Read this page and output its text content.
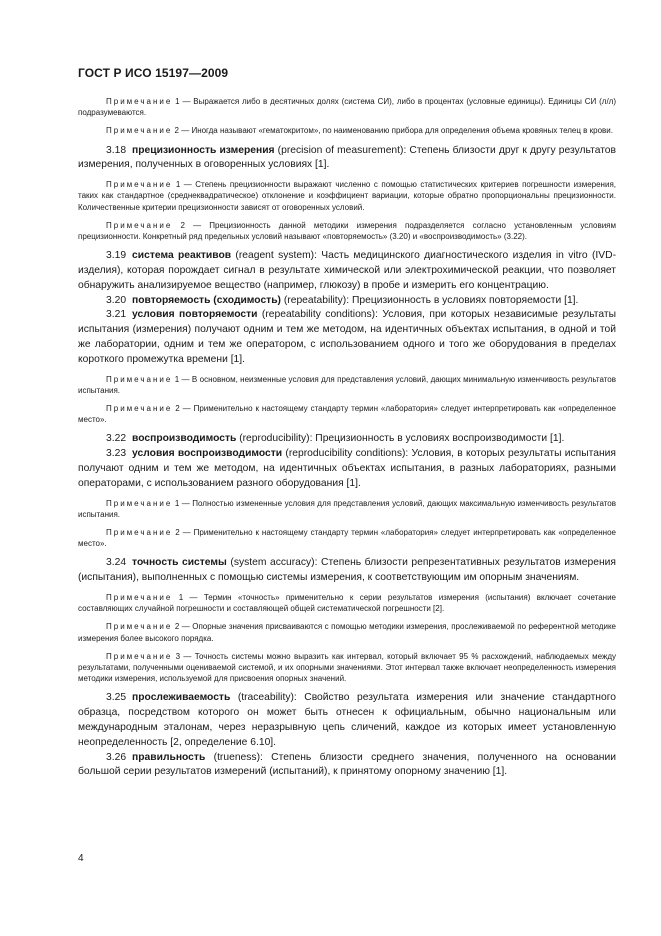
ГОСТ Р ИСО 15197—2009

Примечание 1 — Выражается либо в десятичных долях (система СИ), либо в процентах (условные единицы). Единицы СИ (л/л) подразумеваются.

Примечание 2 — Иногда называют «гематокритом», по наименованию прибора для определения объема кровяных телец в крови.

3.18 прецизионность измерения (precision of measurement): Степень близости друг к другу результатов измерения, полученных в оговоренных условиях [1].

Примечание 1 — Степень прецизионности выражают численно с помощью статистических критериев погрешности измерения, таких как стандартное (среднеквадратическое) отклонение и коэффициент вариации, которые обратно пропорциональны прецизионности. Количественные критерии прецизионности зависят от оговоренных условий.

Примечание 2 — Прецизионность данной методики измерения подразделяется согласно установленным условиям прецизионности. Конкретный ряд предельных условий называют «повторяемость» (3.20) и «воспроизводимость» (3.22).

3.19 система реактивов (reagent system): Часть медицинского диагностического изделия in vitro (IVD-изделия), которая порождает сигнал в результате химической или электрохимической реакции, что позволяет обнаружить анализируемое вещество (например, глюкозу) в пробе и измерить его концентрацию.

3.20 повторяемость (сходимость) (repeatability): Прецизионность в условиях повторяемости [1].

3.21 условия повторяемости (repeatability conditions): Условия, при которых независимые результаты испытания (измерения) получают одним и тем же методом, на идентичных объектах испытания, в одной и той же лаборатории, одним и тем же оператором, с использованием одного и того же оборудования в пределах короткого промежутка времени [1].

Примечание 1 — В основном, неизменные условия для представления условий, дающих минимальную изменчивость результатов испытания.

Примечание 2 — Применительно к настоящему стандарту термин «лаборатория» следует интерпретировать как «определенное место».

3.22 воспроизводимость (reproducibility): Прецизионность в условиях воспроизводимости [1].

3.23 условия воспроизводимости (reproducibility conditions): Условия, в которых результаты испытания получают одним и тем же методом, на идентичных объектах испытания, в разных лабораториях, разными операторами, с использованием разного оборудования [1].

Примечание 1 — Полностью измененные условия для представления условий, дающих максимальную изменчивость результатов испытания.

Примечание 2 — Применительно к настоящему стандарту термин «лаборатория» следует интерпретировать как «определенное место».

3.24 точность системы (system accuracy): Степень близости репрезентативных результатов измерения (испытания), выполненных с помощью системы измерения, к соответствующим им опорным значениям.

Примечание 1 — Термин «точность» применительно к серии результатов измерения (испытания) включает сочетание составляющих случайной погрешности и составляющей общей систематической погрешности [2].

Примечание 2 — Опорные значения присваиваются с помощью методики измерения, прослеживаемой по референтной методике измерения более высокого порядка.

Примечание 3 — Точность системы можно выразить как интервал, который включает 95 % расхождений, наблюдаемых между результатами, полученными оцениваемой системой, и их опорными значениями. Этот интервал также включает неопределенность измерения методики измерения, используемой для присвоения опорных значений.

3.25 прослеживаемость (traceability): Свойство результата измерения или значение стандартного образца, посредством которого он может быть отнесен к официальным, обычно национальным или международным эталонам, через неразрывную цепь сличений, каждое из которых имеет установленную неопределенность [2, определение 6.10].

3.26 правильность (trueness): Степень близости среднего значения, полученного на основании большой серии результатов измерений (испытаний), к принятому опорному значению [1].

4
